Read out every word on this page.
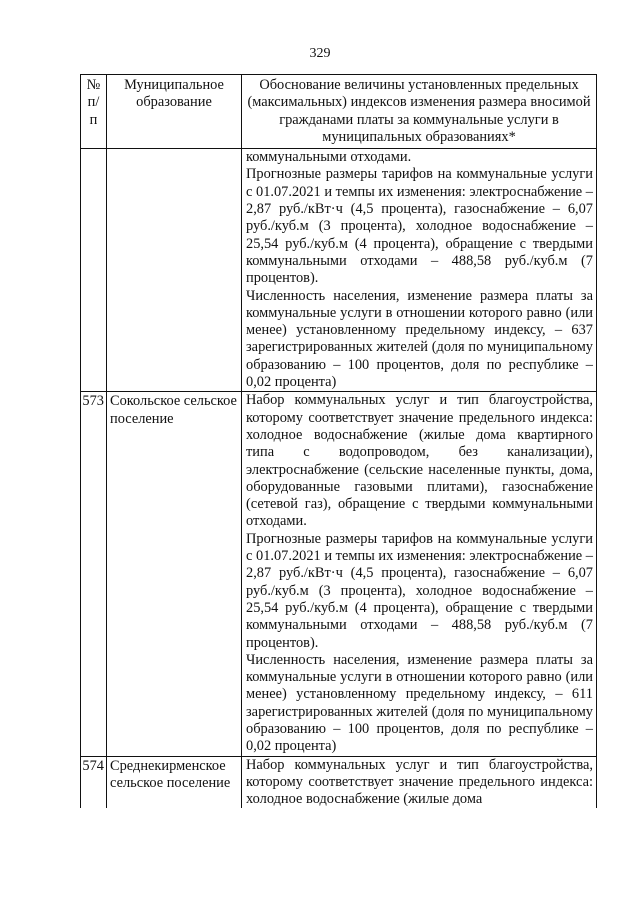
329
№ п/п	Муниципальное образование	Обоснование величины установленных предельных (максимальных) индексов изменения размера вносимой гражданами платы за коммунальные услуги в муниципальных образованиях*

		коммунальными отходами.
Прогнозные размеры тарифов на коммунальные услуги с 01.07.2021 и темпы их изменения: электроснабжение – 2,87 руб./кВт·ч (4,5 процента), газоснабжение – 6,07 руб./куб.м (3 процента), холодное водоснабжение – 25,54 руб./куб.м (4 процента), обращение с твердыми коммунальными отходами – 488,58 руб./куб.м (7 процентов).
Численность населения, изменение размера платы за коммунальные услуги в отношении которого равно (или менее) установленному предельному индексу, – 637 зарегистрированных жителей (доля по муниципальному образованию – 100 процентов, доля по республике – 0,02 процента)

573	Сокольское сельское поселение	Набор коммунальных услуг и тип благоустройства, которому соответствует значение предельного индекса: холодное водоснабжение (жилые дома квартирного типа с водопроводом, без канализации), электроснабжение (сельские населенные пункты, дома, оборудованные газовыми плитами), газоснабжение (сетевой газ), обращение с твердыми коммунальными отходами.
Прогнозные размеры тарифов на коммунальные услуги с 01.07.2021 и темпы их изменения: электроснабжение – 2,87 руб./кВт·ч (4,5 процента), газоснабжение – 6,07 руб./куб.м (3 процента), холодное водоснабжение – 25,54 руб./куб.м (4 процента), обращение с твердыми коммунальными отходами – 488,58 руб./куб.м (7 процентов).
Численность населения, изменение размера платы за коммунальные услуги в отношении которого равно (или менее) установленному предельному индексу, – 611 зарегистрированных жителей (доля по муниципальному образованию – 100 процентов, доля по республике – 0,02 процента)

574	Среднекирменское сельское поселение	Набор коммунальных услуг и тип благоустройства, которому соответствует значение предельного индекса: холодное водоснабжение (жилые дома
